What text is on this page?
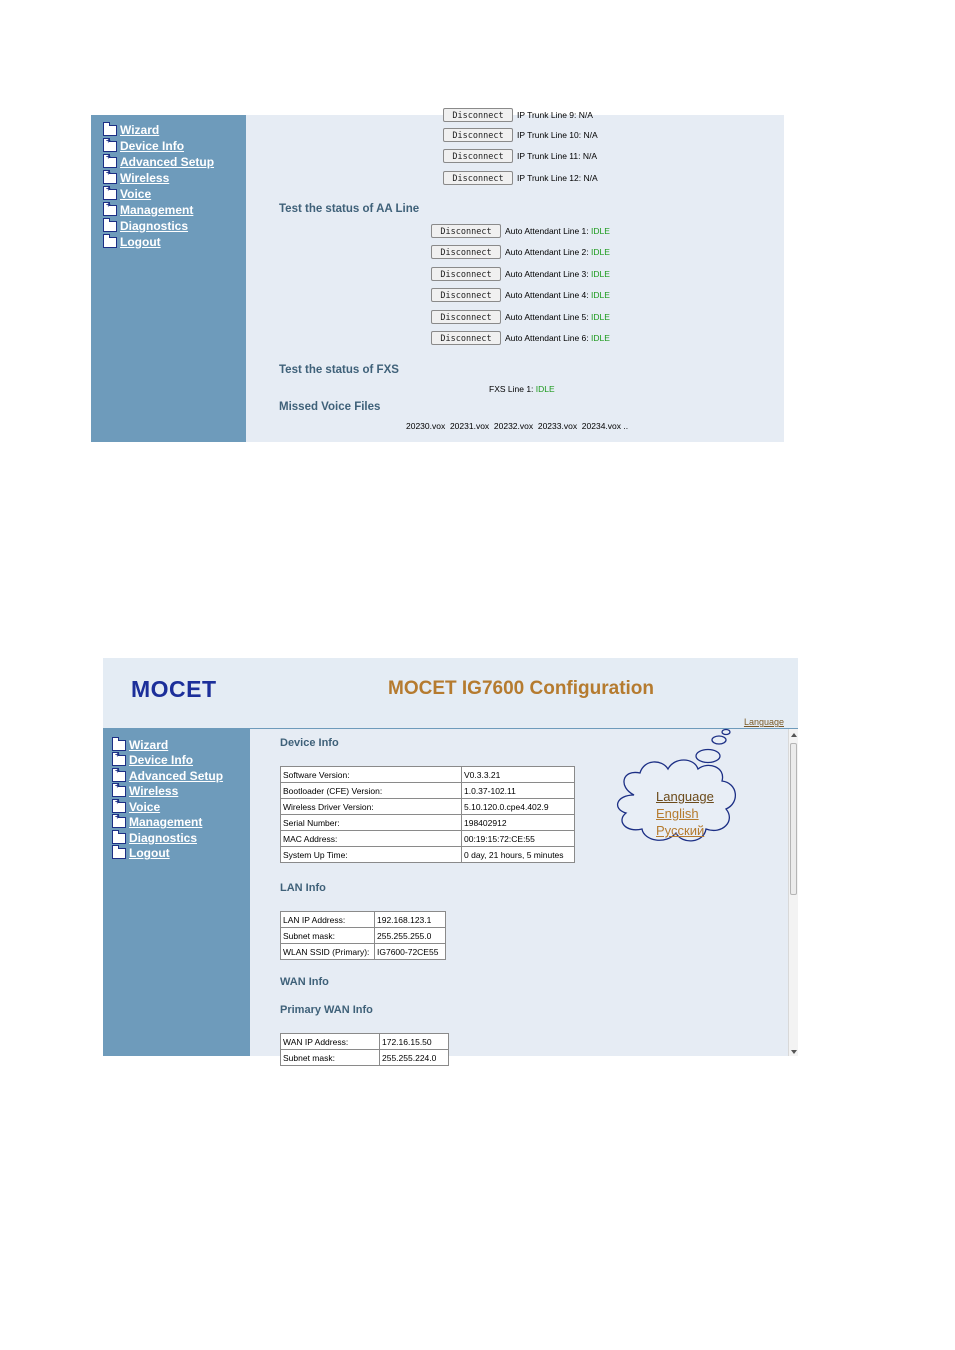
Wizard
+
Device Info
+
Advanced Setup
+
Wireless
+
Voice
+
Management
Diagnostics
Logout
Disconnect	IP Trunk Line 9: N/A
Disconnect	IP Trunk Line 10: N/A
Disconnect	IP Trunk Line 11: N/A
Disconnect	IP Trunk Line 12: N/A
Test the status of AA Line
Disconnect	Auto Attendant Line 1: IDLE
Disconnect	Auto Attendant Line 2: IDLE
Disconnect	Auto Attendant Line 3: IDLE
Disconnect	Auto Attendant Line 4: IDLE
Disconnect	Auto Attendant Line 5: IDLE
Disconnect	Auto Attendant Line 6: IDLE
Test the status of FXS
FXS Line 1: IDLE
Missed Voice Files
20230.vox  20231.vox  20232.vox  20233.vox  20234.vox ..
MOCET	MOCET IG7600 Configuration
Language
Wizard
+
Device Info
+
Advanced Setup
+
Wireless
+
Voice
+
Management
Diagnostics
Logout
Device Info
Software Version:	V0.3.3.21
Bootloader (CFE) Version:	1.0.37-102.11
Wireless Driver Version:	5.10.120.0.cpe4.402.9
Serial Number:	198402912
MAC Address:	00:19:15:72:CE:55
System Up Time:	0 day, 21 hours, 5 minutes
LAN Info
LAN IP Address:	192.168.123.1
Subnet mask:	255.255.255.0
WLAN SSID (Primary):	IG7600-72CE55
WAN Info
Primary WAN Info
WAN IP Address:	172.16.15.50
Subnet mask:	255.255.224.0
Language
English
Русский
